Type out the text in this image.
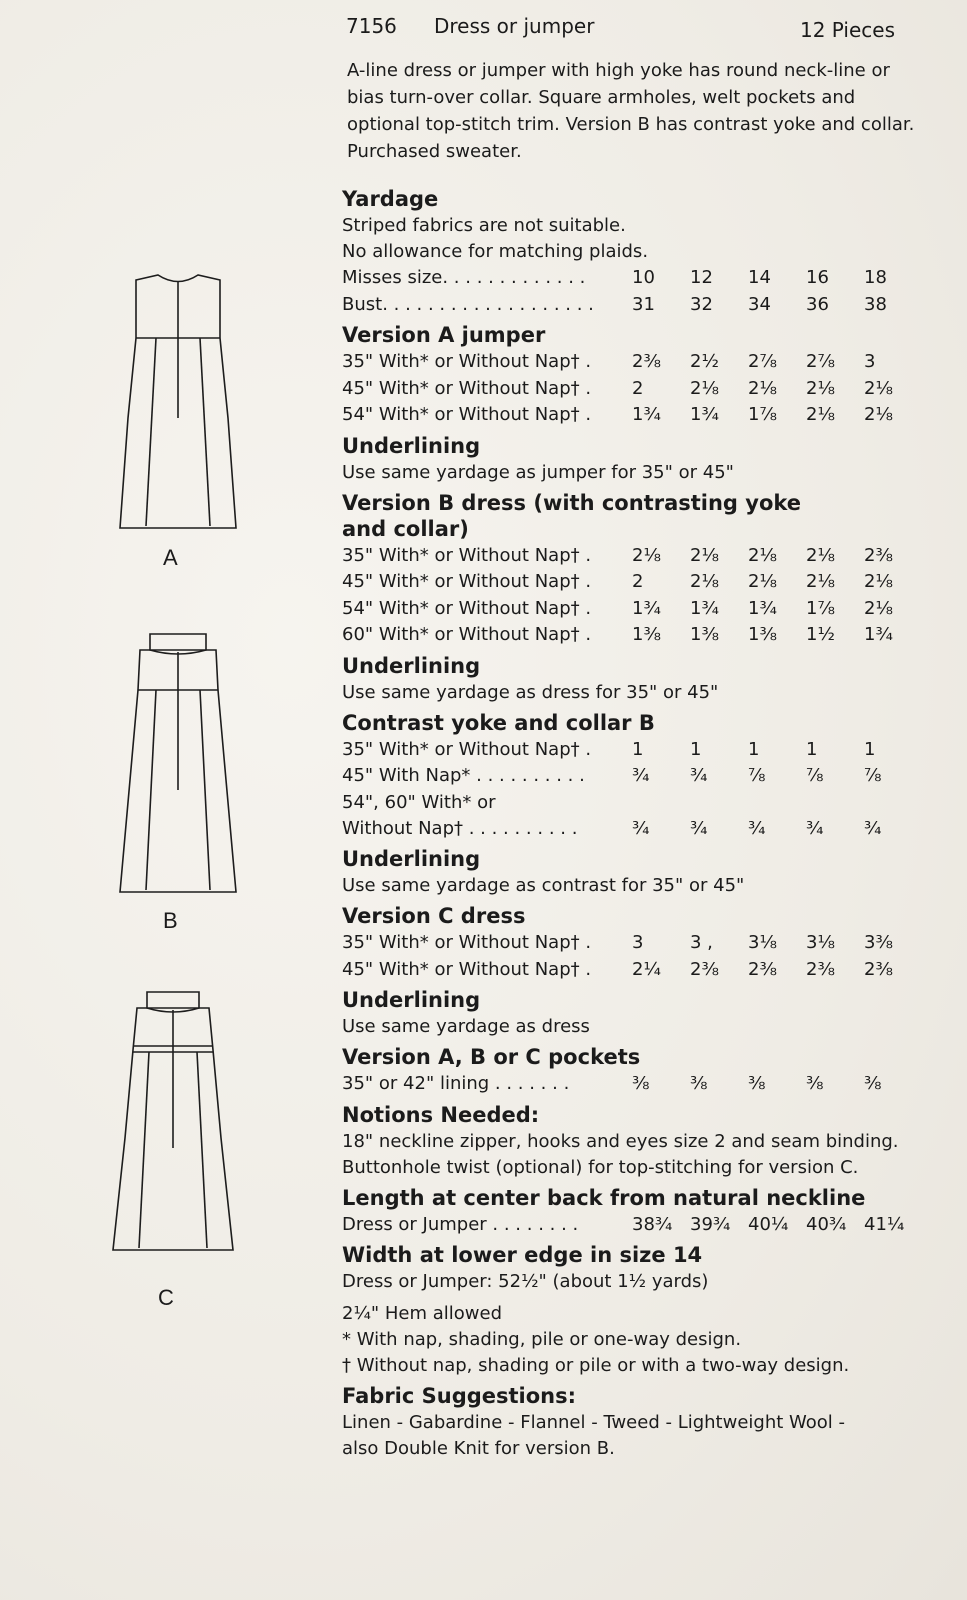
7156 Dress or jumper	12 Pieces
A-line dress or jumper with high yoke has round neck-line or bias turn-over collar. Square armholes, welt pockets and optional top-stitch trim. Version B has contrast yoke and collar. Purchased sweater.
A
B
C
Yardage
Striped fabrics are not suitable.
No allowance for matching plaids.
Misses size. . . . . . . . . . . . .	10	12	14	16	18
Bust. . . . . . . . . . . . . . . . . . .	31	32	34	36	38
Version A jumper
35" With* or Without Nap† .	2⅜	2½	2⅞	2⅞	3
45" With* or Without Nap† .	2	2⅛	2⅛	2⅛	2⅛
54" With* or Without Nap† .	1¾	1¾	1⅞	2⅛	2⅛
Underlining
Use same yardage as jumper for 35" or 45"
Version B dress (with contrasting yoke
and collar)
35" With* or Without Nap† .	2⅛	2⅛	2⅛	2⅛	2⅜
45" With* or Without Nap† .	2	2⅛	2⅛	2⅛	2⅛
54" With* or Without Nap† .	1¾	1¾	1¾	1⅞	2⅛
60" With* or Without Nap† .	1⅜	1⅜	1⅜	1½	1¾
Underlining
Use same yardage as dress for 35" or 45"
Contrast yoke and collar B
35" With* or Without Nap† .	1	1	1	1	1
45" With Nap* . . . . . . . . . .	¾	¾	⅞	⅞	⅞
54", 60" With* or
Without Nap† . . . . . . . . . .	¾	¾	¾	¾	¾
Underlining
Use same yardage as contrast for 35" or 45"
Version C dress
35" With* or Without Nap† .	3	3 ,	3⅛	3⅛	3⅜
45" With* or Without Nap† .	2¼	2⅜	2⅜	2⅜	2⅜
Underlining
Use same yardage as dress
Version A, B or C pockets
35" or 42" lining . . . . . . .	⅜	⅜	⅜	⅜	⅜
Notions Needed:
18" neckline zipper, hooks and eyes size 2 and seam binding. Buttonhole twist (optional) for top-stitching for version C.
Length at center back from natural neckline
Dress or Jumper . . . . . . . .	38¾ 39¾ 40¼ 40¾ 41¼
Width at lower edge in size 14
Dress or Jumper: 52½" (about 1½ yards)
2¼" Hem allowed
* With nap, shading, pile or one-way design.
† Without nap, shading or pile or with a two-way design.
Fabric Suggestions:
Linen - Gabardine - Flannel - Tweed - Lightweight Wool -
also Double Knit for version B.
